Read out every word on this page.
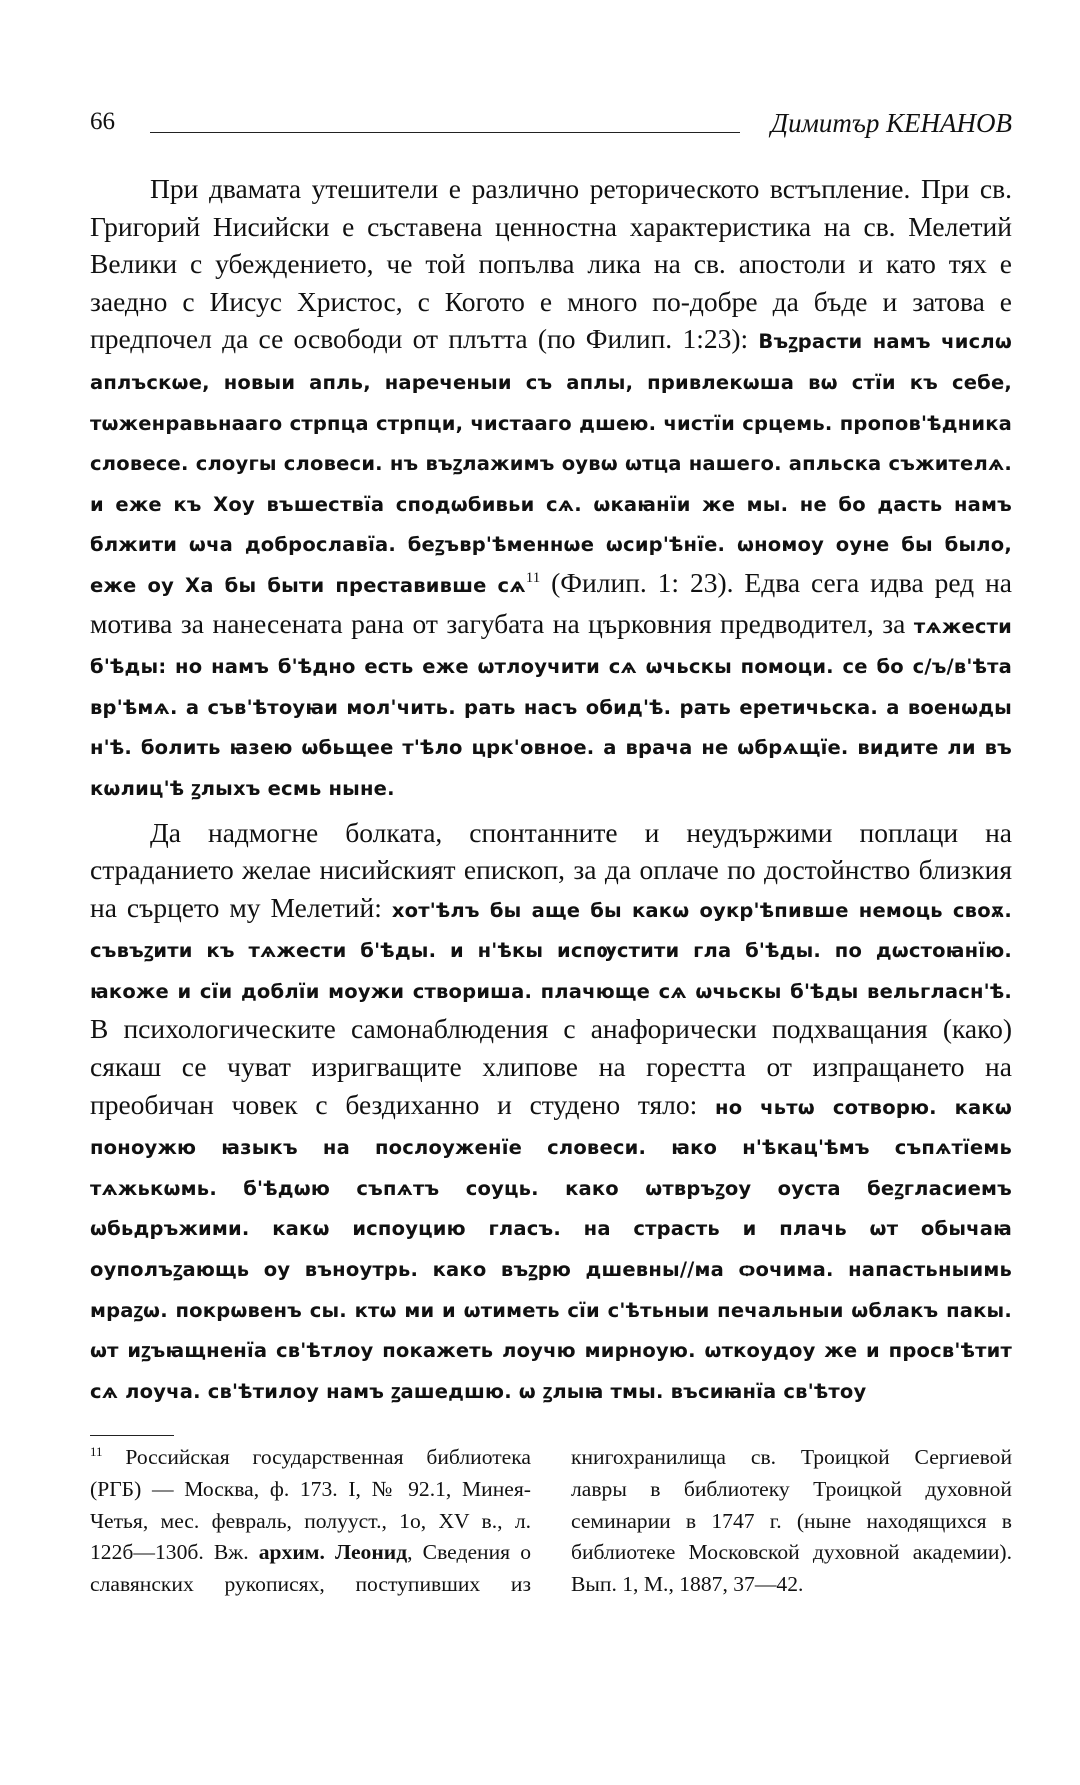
66	Димитър КЕНАНОВ

При двамата утешители е различно реторическото встъпление. При св. Григорий Нисийски е съставена ценностна характеристика на св. Мелетий Велики с убеждението, че той попълва лика на св. апостоли и като тях е заедно с Иисус Христос, с Когото е много по-добре да бъде и затова е предпочел да се освободи от плътта (по Филип. 1:23): Въꙁрасти намъ числѡ аплъскѡе, новыи апль, нареченыи съ аплы, привлекѡша вѡ стїи къ себе, тѡженравьнааго стрпца стрпци, чистааго дшею. чистїи срцемь. пропов'ѣдника словесе. слоугы словеси. нъ въꙁлажимъ оувѡ ѡтца нашего. апльска съжителѧ. и еже къ Хоу въшествїа сподѡбивьи сѧ. ѡкаꙗнїи же мы. не бо дасть намъ блжити ѡча доброславїа. беꙁъвр'ѣменнѡе ѡсир'ѣнїе. ѡномоу оуне бы было, еже оу Ха бы быти преставивше $сѧ^{11}$ (Филип. 1: 23). Едва сега идва ред на мотива за нанесената рана от загубата на църковния предводител, за тѧжести б'ѣды: но намъ б'ѣдно есть еже ѡтлоучити сѧ ѡчьскы помоци. се бо с/ъ/в'ѣта вр'ѣмѧ. а съв'ѣтоуꙗи мол'чить. рать насъ обид'ѣ. рать еретичьска. а военѡды н'ѣ. болить ꙗзею ѡбьщее т'ѣло црк'овное. а врача не ѡбрѧщїе. видите ли въ кѡлиц'ѣ ꙁлыхъ есмь ныне.

Да надмогне болката, спонтанните и неудържими поплаци на страданието желае нисийският епископ, за да оплаче по достойнство близкия на сърцето му Мелетий: хот'ѣлъ бы аще бы какѡ оукр'ѣпивше немоць своѫ. съвъꙁити къ тѧжести б'ѣды. и н'ѣкы испѹстити гла б'ѣды. по дѡстоꙗнїю. ꙗкоже и сїи доблїи моужи створиша. плачюще сѧ ѡчьскы б'ѣды вельгласн'ѣ. В психологическите самонаблюдения с анафорически подхващания (како) сякаш се чуват изригващите хлипове на горестта от изпращането на преобичан човек с бездиханно и студено тяло: но чьтѡ сотворю. какѡ поноужю ꙗзыкъ на послоуженїе словеси. ꙗко н'ѣкац'ѣмъ съпѧтїемь тѧжькѡмь. б'ѣдѡю съпѧтъ соуць. како ѡтвръꙁоу оуста беꙁгласиемъ ѡбьдръжими. какѡ испоуцию гласъ. на страсть и плачь ѡт обычаꙗ оуполъꙁающь оу въноутрь. како въꙁрю дшевны//ма ѻочима. напастьныимь мраꙁѡ. покрѡвенъ сы. ктѡ ми и ѡтиметь сїи с'ѣтьныи печальныи ѡблакъ пакы. ѡт иꙁъꙗщненїа св'ѣтлоу покажеть лоучю мирноую. ѡткоудоу же и просв'ѣтит сѧ лоуча. св'ѣтилоу намъ ꙁашедшю. ѡ ꙁлыꙗ тмы. въсиꙗнїа св'ѣтоу

$^{11}$ Российская государственная библиотека (РГБ) — Москва, ф. 173. I, № 92.1, Минея-Четья, мес. февраль, полууст., 1о, XV в., л. 122б—130б. Вж. архим. Леонид, Сведения о славянских рукописях, поступивших из книгохранилища св. Троицкой Сергиевой лавры в библиотеку Троицкой духовной семинарии в 1747 г. (ныне находящихся в библиотеке Московской духовной академии). Вып. 1, М., 1887, 37—42.
